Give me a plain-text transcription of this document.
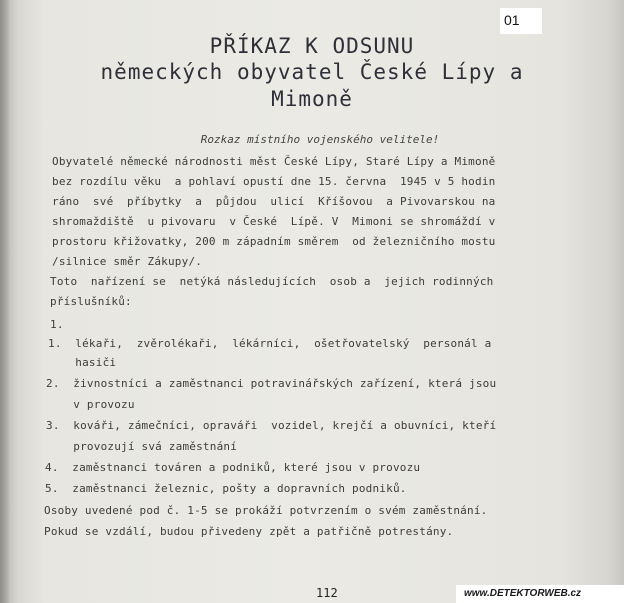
01
PŘÍKAZ K ODSUNU
německých obyvatel České Lípy a
Mimoně
Rozkaz místního vojenského velitele!
Obyvatelé německé národnosti měst České Lípy, Staré Lípy a Mimoně
bez rozdílu věku  a pohlaví opustí dne 15. června  1945 v 5 hodin
ráno  své  příbytky  a  půjdou  ulicí  Kříšovou  a Pivovarskou na
shromaždiště  u pivovaru  v České  Lípě. V  Mimoni se shromáždí v
prostoru křižovatky, 200 m západním směrem  od železničního mostu
/silnice směr Zákupy/.
Toto  nařízení se  netýká následujících  osob a  jejich rodinných
příslušníků:
1.
1.  lékaři,  zvěrolékaři,  lékárníci,  ošetřovatelský  personál a
hasiči
2.  živnostníci a zaměstnanci potravinářských zařízení, která jsou
v provozu
3.  kováři, zámečníci, opraváři  vozidel, krejčí a obuvníci, kteří
provozují svá zaměstnání
4.  zaměstnanci továren a podniků, které jsou v provozu
5.  zaměstnanci železnic, pošty a dopravních podniků.
Osoby uvedené pod č. 1-5 se prokáží potvrzením o svém zaměstnání.
Pokud se vzdálí, budou přivedeny zpět a patřičně potrestány.
112	www.DETEKTORWEB.cz
